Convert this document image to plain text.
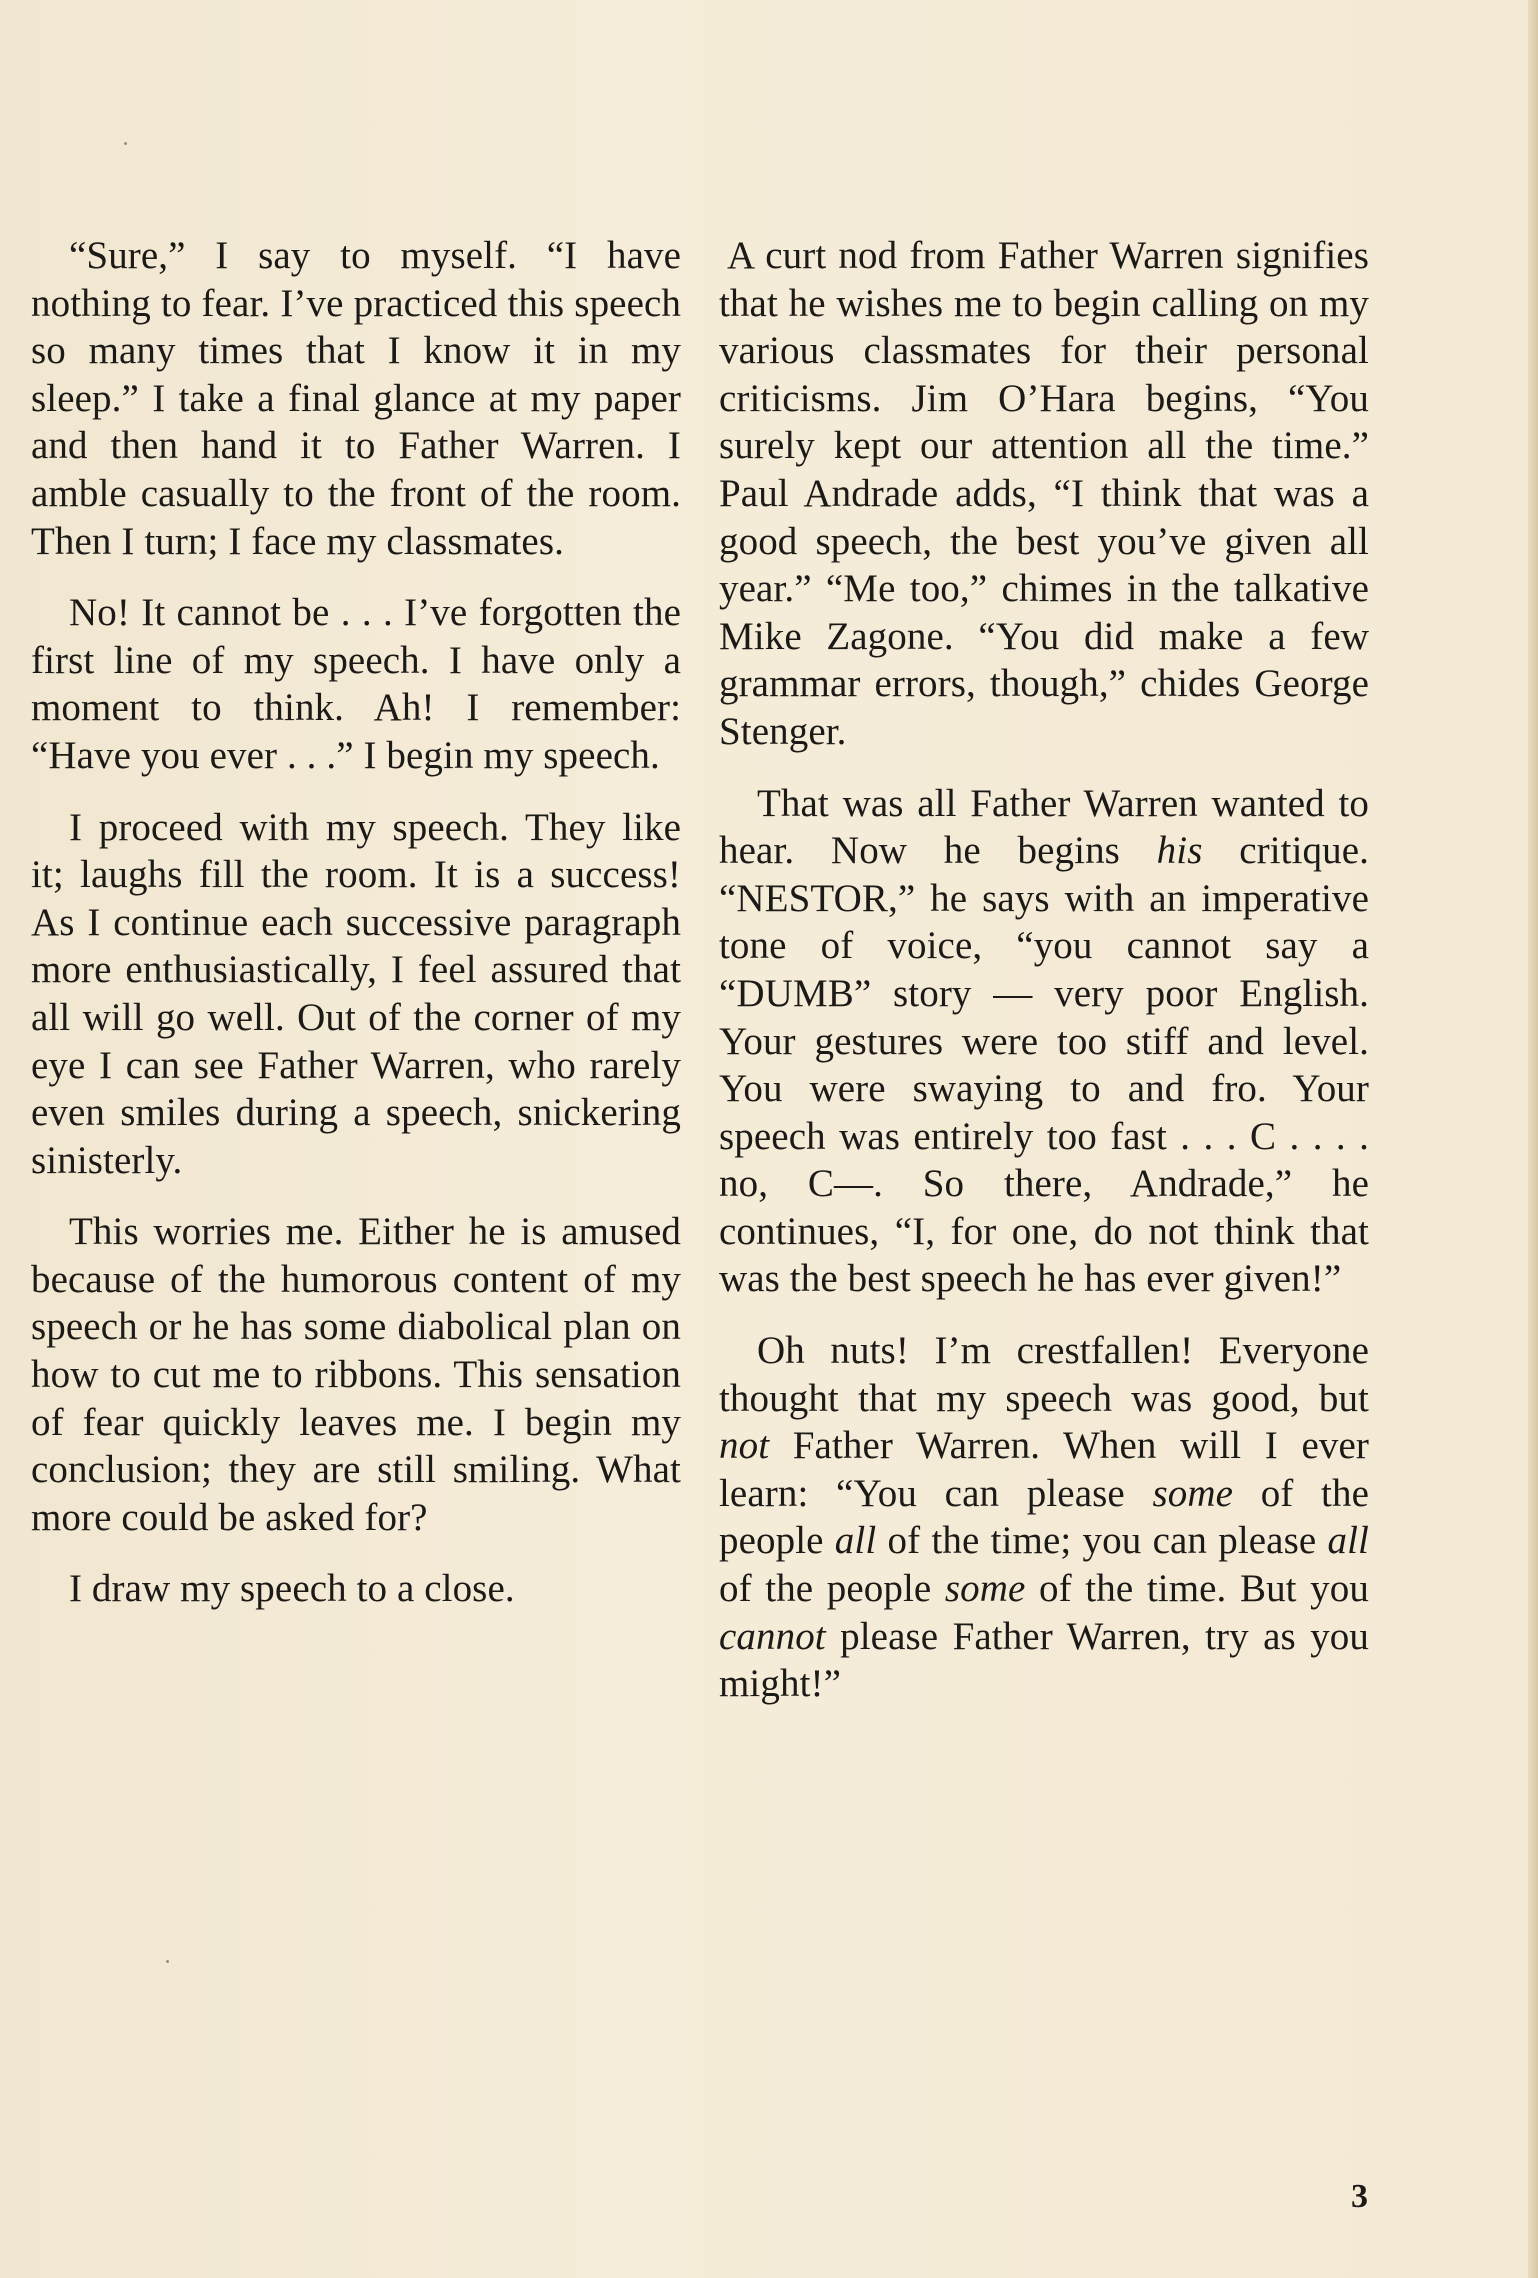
“Sure,” I say to myself. “I have nothing to fear. I’ve practiced this speech so many times that I know it in my sleep.” I take a final glance at my paper and then hand it to Father Warren. I amble casually to the front of the room. Then I turn; I face my classmates.

No! It cannot be . . . I’ve forgotten the first line of my speech. I have only a moment to think. Ah! I remember: “Have you ever . . .” I begin my speech.

I proceed with my speech. They like it; laughs fill the room. It is a success! As I continue each successive paragraph more enthusiastically, I feel assured that all will go well. Out of the corner of my eye I can see Father Warren, who rarely even smiles during a speech, snickering sinisterly.

This worries me. Either he is amused because of the humorous content of my speech or he has some diabolical plan on how to cut me to ribbons. This sensation of fear quickly leaves me. I begin my conclusion; they are still smiling. What more could be asked for?

I draw my speech to a close.

A curt nod from Father Warren signifies that he wishes me to begin calling on my various classmates for their personal criticisms. Jim O’Hara begins, “You surely kept our attention all the time.” Paul Andrade adds, “I think that was a good speech, the best you’ve given all year.” “Me too,” chimes in the talkative Mike Zagone. “You did make a few grammar errors, though,” chides George Stenger.

That was all Father Warren wanted to hear. Now he begins his critique. “NESTOR,” he says with an imperative tone of voice, “you cannot say a “DUMB” story — very poor English. Your gestures were too stiff and level. You were swaying to and fro. Your speech was entirely too fast . . . C . . . . no, C—. So there, Andrade,” he continues, “I, for one, do not think that was the best speech he has ever given!”

Oh nuts! I’m crestfallen! Everyone thought that my speech was good, but not Father Warren. When will I ever learn: “You can please some of the people all of the time; you can please all of the people some of the time. But you cannot please Father Warren, try as you might!”

3
